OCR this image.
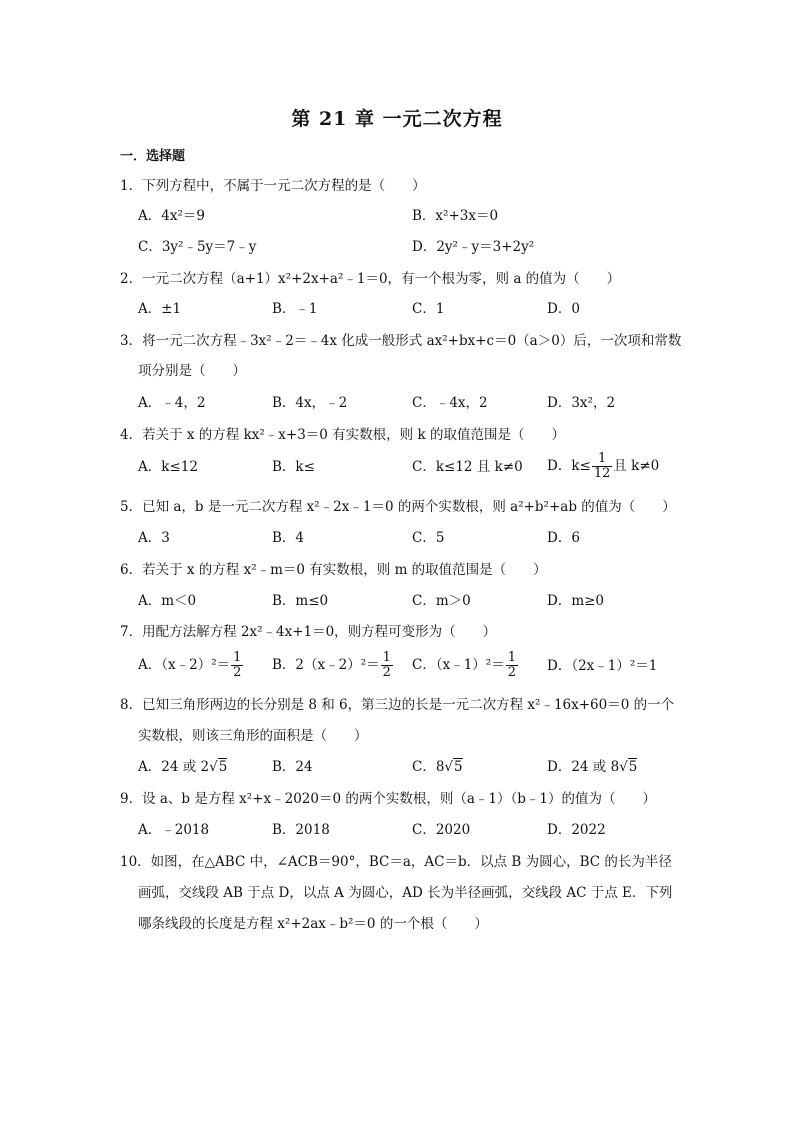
第 21 章 一元二次方程
一．选择题
1．下列方程中，不属于一元二次方程的是（　　）
A．4x²＝9	B．x²+3x＝0
C．3y²﹣5y＝7﹣y	D．2y²﹣y＝3+2y²
2．一元二次方程（a+1）x²+2x+a²﹣1＝0，有一个根为零，则 a 的值为（　　）
A．±1	B．﹣1	C．1	D．0
3．将一元二次方程﹣3x²﹣2＝﹣4x 化成一般形式 ax²+bx+c＝0（a＞0）后，一次项和常数
项分别是（　　）
A．﹣4，2	B．4x，﹣2	C．﹣4x，2	D．3x²，2
4．若关于 x 的方程 kx²﹣x+3＝0 有实数根，则 k 的取值范围是（　　）
A．k≤12	B．k≤	C．k≤12 且 k≠0 D．$k\le \frac{1}{12}$ 且 k≠0
5．已知 a，b 是一元二次方程 x²﹣2x﹣1＝0 的两个实数根，则 a²+b²+ab 的值为（　　）
A．3	B．4	C．5	D．6
6．若关于 x 的方程 x²﹣m＝0 有实数根，则 m 的取值范围是（　　）
A．m＜0	B．m≤0	C．m＞0	D．m≥0
7．用配方法解方程 2x²﹣4x+1＝0，则方程可变形为（　　）
A．（x﹣2）²＝ $\frac{1}{2}$ B．2（x﹣2）²＝ $\frac{1}{2}$ C．（x﹣1）²＝ $\frac{1}{2}$ D．（2x﹣1）²＝1
8．已知三角形两边的长分别是 8 和 6，第三边的长是一元二次方程 x²﹣16x+60＝0 的一个
实数根，则该三角形的面积是（　　）
A．24 或 2√5	B．24	C．8√5	D．24 或 8√5
9．设 a、b 是方程 x²+x﹣2020＝0 的两个实数根，则（a﹣1）（b﹣1）的值为（　　）
A．﹣2018	B．2018	C．2020	D．2022
10．如图，在△ABC 中，∠ACB＝90°，BC＝a，AC＝b．以点 B 为圆心，BC 的长为半径
画弧，交线段 AB 于点 D，以点 A 为圆心，AD 长为半径画弧，交线段 AC 于点 E．下列
哪条线段的长度是方程 x²+2ax﹣b²＝0 的一个根（　　）
